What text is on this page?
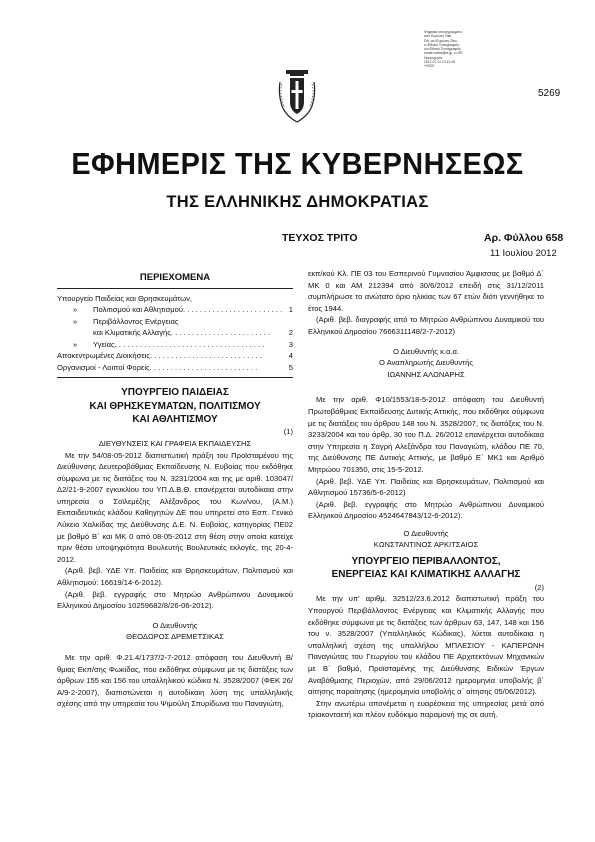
Ψηφιακά υπογεγραμμένο
από Ευρώπη Ζίκα
DN: cn=Ευρώπη Ζίκα,
o=Εθνικό Τυπογραφείο,
ou=Εθνικό Τυπογραφείο,
email=ezika@et.gr, c=GR
Ημερομηνία:
2012.07.12 10:12:49
+03'00'
5269
ΕΦΗΜΕΡΙΣ ΤΗΣ ΚΥΒΕΡΝΗΣΕΩΣ
ΤΗΣ ΕΛΛΗΝΙΚΗΣ ΔΗΜΟΚΡΑΤΙΑΣ
ΤΕΥΧΟΣ ΤΡΙΤΟ	Αρ. Φύλλου 658
11 Ιουλίου 2012
ΠΕΡΙΕΧΟΜΕΝΑ
Υπουργείο Παιδείας και Θρησκευμάτων,
»	Πολιτισμού και Αθλητισμού . . . . . . . . . . . . . . . . . . . . . . . . 1
»	Περιβάλλοντος Ενέργειας
και Κλιματικής Αλλαγής . . . . . . . . . . . . . . . . . . . . . . . .	2
»	Υγείας . . . . . . . . . . . . . . . . . . . . . . . . . . . . . . . . . . . .	3
Αποκεντρωμένες Διοικήσεις . . . . . . . . . . . . . . . . . . . . . . . . . . .	4
Οργανισμοί - Λοιποί Φορείς . . . . . . . . . . . . . . . . . . . . . . . . . .	5
ΥΠΟΥΡΓΕΙΟ ΠΑΙΔΕΙΑΣ
ΚΑΙ ΘΡΗΣΚΕΥΜΑΤΩΝ, ΠΟΛΙΤΙΣΜΟΥ
ΚΑΙ ΑΘΛΗΤΙΣΜΟΥ
(1)
ΔΙΕΥΘΥΝΣΕΙΣ ΚΑΙ ΓΡΑΦΕΙΑ ΕΚΠΑΙΔΕΥΣΗΣ

Με την 54/08-05-2012 διαπιστωτική πράξη του Προϊσταμένου της Διεύθυνσης Δευτεροβάθμιας Εκπαίδευσης Ν. Ευβοίας που εκδόθηκε σύμφωνα με τις διατάξεις του Ν. 3231/2004 και της με αριθ. 103047/Δ2/21-9-2007 εγκυκλίου του ΥΠ.Δ.Β.Θ. επανέρχεται αυτοδίκαια στην υπηρεσία ο Σοϊλεμέζης Αλέξανδρος του Κων/νου, (Α.Μ.) Εκπαιδευτικός κλάδου Καθηγητών ΔΕ που υπηρετεί στο Εσπ. Γενικό Λύκειο Χαλκίδας της Διεύθυνσης Δ.Ε. Ν. Ευβοίας, κατηγορίας ΠΕ02 με βαθμό Β΄ και ΜΚ 0 από 08-05-2012 στη θέση στην οποία κατείχε πριν θέσει υποψηφιότητα Βουλευτής Βουλευτικές εκλογές, της 20-4-2012.

(Αριθ. βεβ. ΥΔΕ Υπ. Παιδείας και Θρησκευμάτων, Πολιτισμού και Αθλητισμού: 16619/14-6-2012).

(Αριθ. βεβ. εγγραφής στο Μητρώο Ανθρώπινου Δυναμικού Ελληνικού Δημοσίου 10259682/8/26-06-2012).

Ο Διευθυντής
ΘΕΟΔΩΡΟΣ ΔΡΕΜΕΤΣΙΚΑΣ

Με την αριθ. Φ.21.4/1737/2-7-2012 απόφαση του Διευθυντή Β/θμιας Εκπ/σης Φωκίδας, που εκδόθηκε σύμφωνα με τις διατάξεις των άρθρων 155 και 156 του υπαλληλικού κώδικα Ν. 3528/2007 (ΦΕΚ 26/Α/9-2-2007), διαπιστώνεται η αυτοδίκαιη λύση της υπαλληλικής σχέσης από την υπηρεσία του Ψιμούλη Σπυρίδωνα του Παναγιώτη,

εκπ/κού Κλ. ΠΕ 03 του Εσπερινού Γυμνασίου Άμφισσας με βαθμό Δ΄ ΜΚ 0 και ΑΜ 212394 από 30/6/2012 επειδή στις 31/12/2011 συμπλήρωσε το ανώτατο όριο ηλικίας των 67 ετών διότι γεννήθηκε το έτος 1944.

(Αριθ. βεβ. διαγραφής από το Μητρώο Ανθρώπινου Δυναμικού του Ελληνικού Δημοσίου 7666311148/2-7-2012)

Ο Διευθυντής κ.α.α.
Ο Αναπληρωτής Διευθυντής
ΙΩΑΝΝΗΣ ΑΛΩΝΑΡΗΣ

Με την αριθ. Φ10/1553/18-5-2012 απόφαση του Διευθυντή Πρωτοβάθμιας Εκπαίδευσης Δυτικής Αττικής, που εκδόθηκε σύμφωνα με τις διατάξεις του άρθρου 148 του Ν. 3528/2007, τις διατάξεις του Ν. 3233/2004 και του άρθρ. 30 του Π.Δ. 26/2012 επανέρχεται αυτοδίκαια στην Υπηρεσία η Σαγρή Αλεξάνδρα του Παναγιώτη, κλάδου ΠΕ 70, της Διεύθυνσης ΠΕ Δυτικής Αττικής, με βαθμό Ε΄ ΜΚ1 και Αριθμό Μητρώου 701350, στις 15-5-2012.

(Αριθ. βεβ. ΥΔΕ Υπ. Παιδείας και Θρησκευμάτων, Πολιτισμού και Αθλητισμού 15736/5-6-2012)

(Αριθ. βεβ. εγγραφής στο Μητρώο Ανθρώπινου Δυναμικού Ελληνικού Δημοσίου 4524647843/12-6-2012).

Ο Διευθυντής
ΚΩΝΣΤΑΝΤΙΝΟΣ ΑΡΚΙΤΣΑΙΟΣ
ΥΠΟΥΡΓΕΙΟ ΠΕΡΙΒΑΛΛΟΝΤΟΣ,
ΕΝΕΡΓΕΙΑΣ ΚΑΙ ΚΛΙΜΑΤΙΚΗΣ ΑΛΛΑΓΗΣ
(2)

Με την υπ' αριθμ. 32512/23.6.2012 διαπιστωτική πράξη του Υπουργού Περιβάλλοντος Ενέργειας και Κλιματικής Αλλαγής που εκδόθηκε σύμφωνα με τις διατάξεις των άρθρων 63, 147, 148 και 156 του ν. 3528/2007 (Υπαλληλικός Κώδικας), λύεται αυτοδίκαια η υπαλληλική σχέση της υπαλλήλου ΜΠΛΕΣΙΟΥ - ΚΑΠΕΡΩΝΗ Παναγιώτας του Γεωργίου του κλάδου ΠΕ Αρχιτεκτόνων Μηχανικών με Β΄ βαθμό, Προϊσταμένης της Διεύθυνσης Ειδικών Έργων Αναβάθμισης Περιοχών, από 29/06/2012 ημερομηνία υποβολής β΄ αίτησης παραίτησης (ημερομηνία υποβολής α΄ αίτησης 05/06/2012).

Στην ανωτέρω απονέμεται η ευαρέσκεια της υπηρεσίας μετά από τριακονταετή και πλέον ευδόκιμο παραμονή της σε αυτή.
